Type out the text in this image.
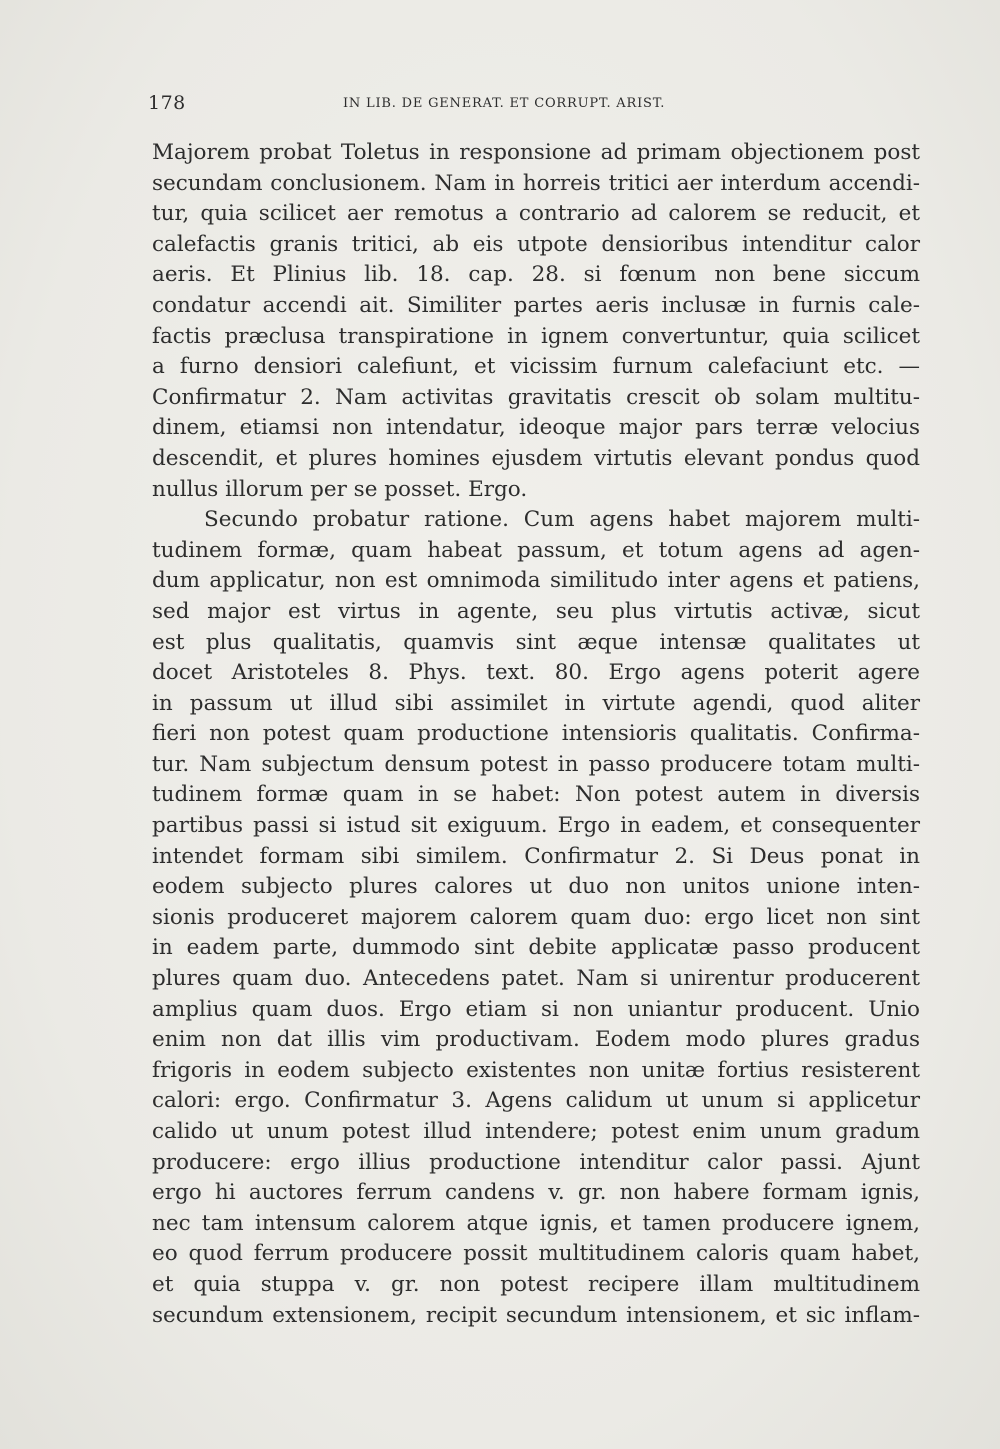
178	IN LIB. DE GENERAT. ET CORRUPT. ARIST.
Majorem probat Toletus in responsione ad primam objectionem post
secundam conclusionem. Nam in horreis tritici aer interdum accendi-
tur, quia scilicet aer remotus a contrario ad calorem se reducit, et
calefactis granis tritici, ab eis utpote densioribus intenditur calor
aeris. Et Plinius lib. 18. cap. 28. si fœnum non bene siccum
condatur accendi ait. Similiter partes aeris inclusæ in furnis cale-
factis præclusa transpiratione in ignem convertuntur, quia scilicet
a furno densiori calefiunt, et vicissim furnum calefaciunt etc. —
Confirmatur 2. Nam activitas gravitatis crescit ob solam multitu-
dinem, etiamsi non intendatur, ideoque major pars terræ velocius
descendit, et plures homines ejusdem virtutis elevant pondus quod
nullus illorum per se posset. Ergo.
Secundo probatur ratione. Cum agens habet majorem multi-
tudinem formæ, quam habeat passum, et totum agens ad agen-
dum applicatur, non est omnimoda similitudo inter agens et patiens,
sed major est virtus in agente, seu plus virtutis activæ, sicut
est plus qualitatis, quamvis sint æque intensæ qualitates ut
docet Aristoteles 8. Phys. text. 80. Ergo agens poterit agere
in passum ut illud sibi assimilet in virtute agendi, quod aliter
fieri non potest quam productione intensioris qualitatis. Confirma-
tur. Nam subjectum densum potest in passo producere totam multi-
tudinem formæ quam in se habet: Non potest autem in diversis
partibus passi si istud sit exiguum. Ergo in eadem, et consequenter
intendet formam sibi similem. Confirmatur 2. Si Deus ponat in
eodem subjecto plures calores ut duo non unitos unione inten-
sionis produceret majorem calorem quam duo: ergo licet non sint
in eadem parte, dummodo sint debite applicatæ passo producent
plures quam duo. Antecedens patet. Nam si unirentur producerent
amplius quam duos. Ergo etiam si non uniantur producent. Unio
enim non dat illis vim productivam. Eodem modo plures gradus
frigoris in eodem subjecto existentes non unitæ fortius resisterent
calori: ergo. Confirmatur 3. Agens calidum ut unum si applicetur
calido ut unum potest illud intendere; potest enim unum gradum
producere: ergo illius productione intenditur calor passi. Ajunt
ergo hi auctores ferrum candens v. gr. non habere formam ignis,
nec tam intensum calorem atque ignis, et tamen producere ignem,
eo quod ferrum producere possit multitudinem caloris quam habet,
et quia stuppa v. gr. non potest recipere illam multitudinem
secundum extensionem, recipit secundum intensionem, et sic inflam-
